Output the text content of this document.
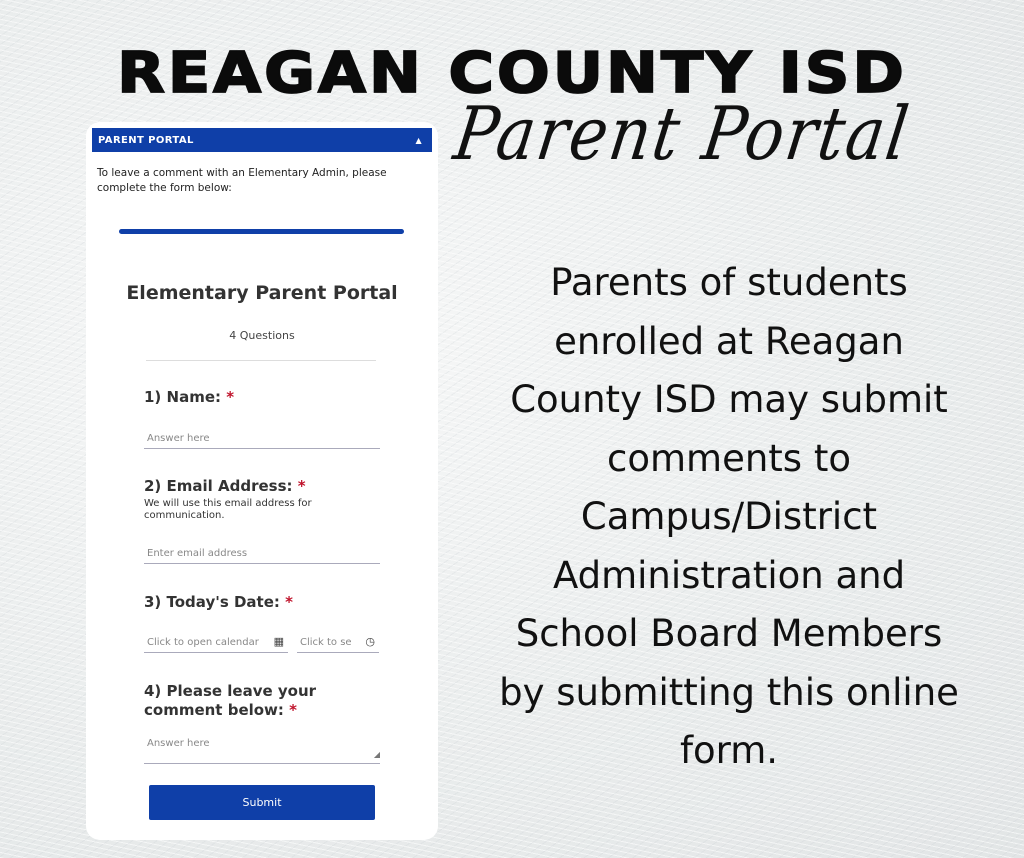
REAGAN COUNTY ISD
Parent Portal
PARENT PORTAL	▲
To leave a comment with an Elementary Admin, please complete the form below:
Elementary Parent Portal
4 Questions
1) Name: *
Answer here
2) Email Address: *
We will use this email address for communication.
Enter email address
3) Today's Date: *
Click to open calendar ▦	Click to se ◷
4) Please leave your comment below: *
Answer here
◢
Submit
Parents of students enrolled at Reagan County ISD may submit comments to Campus/District Administration and School Board Members by submitting this online form.
